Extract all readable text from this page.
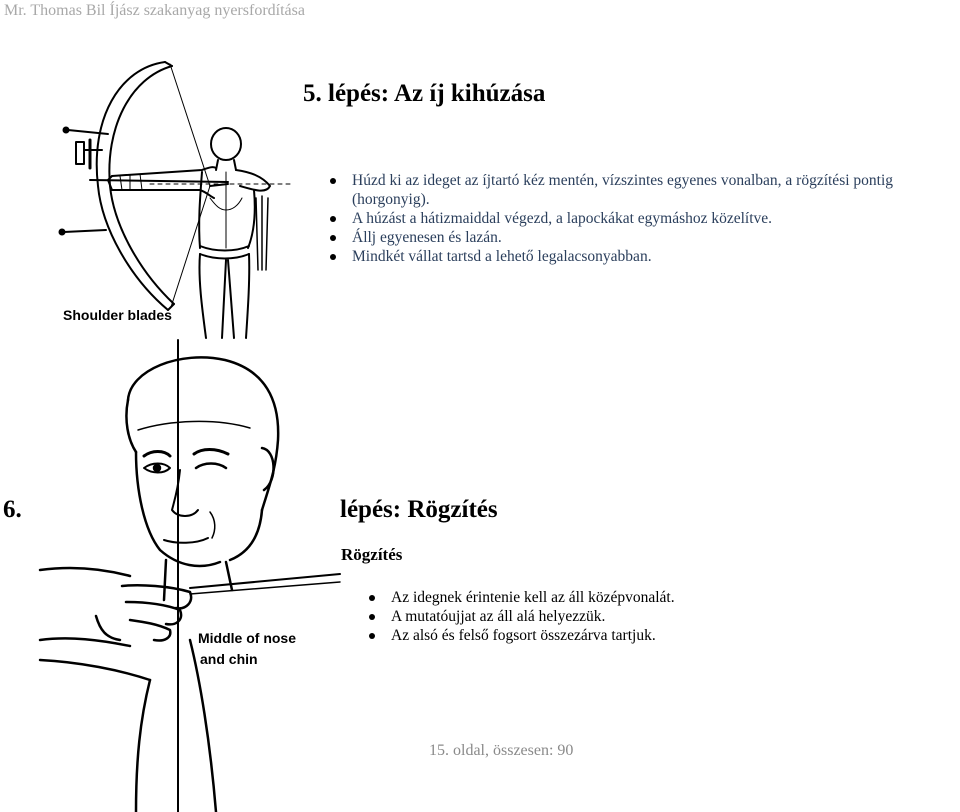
Mr. Thomas Bil Íjász szakanyag nyersfordítása
Shoulder blades
5. lépés: Az íj kihúzása
Húzd ki az ideget az íjtartó kéz mentén, vízszintes egyenes vonalban, a rögzítési pontig (horgonyig).
A húzást a hátizmaiddal végezd, a lapockákat egymáshoz közelítve.
Állj egyenesen és lazán.
Mindkét vállat tartsd a lehető legalacsonyabban.
Middle of nose
and chin
6.	lépés: Rögzítés
Rögzítés
Az idegnek érintenie kell az áll középvonalát.
A mutatóujjat az áll alá helyezzük.
Az alsó és felső fogsort összezárva tartjuk.
15. oldal, összesen: 90
